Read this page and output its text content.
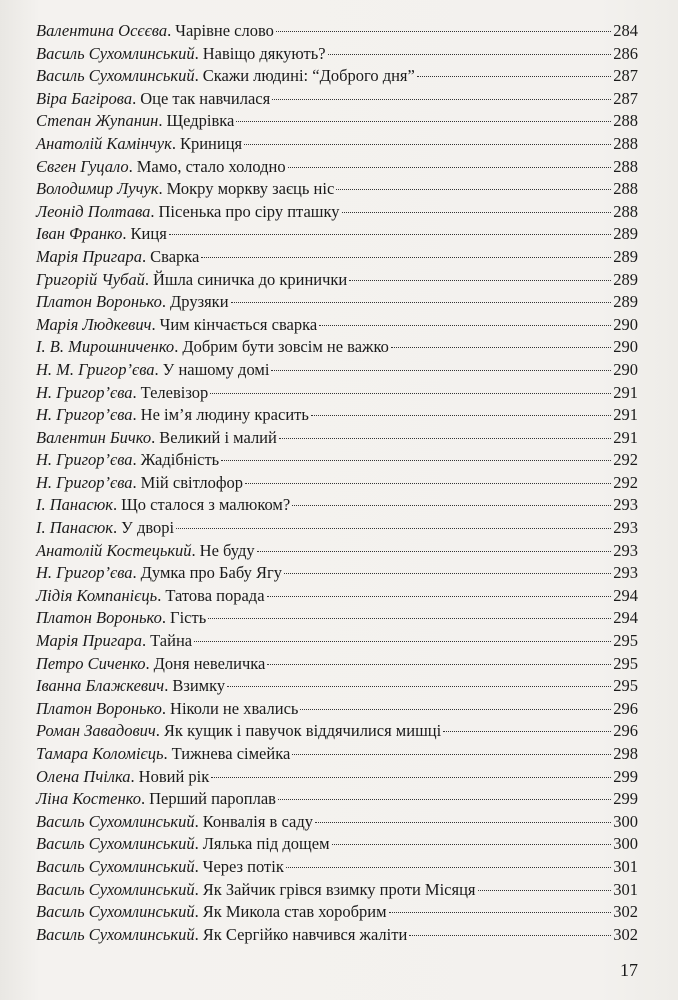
Валентина Осєєва . Чарівне слово	284
Василь Сухомлинський . Навіщо дякують?	286
Василь Сухомлинський . Скажи людині: “Доброго дня”	287
Віра Багірова . Оце так навчилася	287
Степан Жупанин . Щедрівка	288
Анатолій Камінчук . Криниця	288
Євген Гуцало . Мамо, стало холодно	288
Володимир Лучук . Мокру моркву заєць ніс	288
Леонід Полтава . Пісенька про сіру пташку	288
Іван Франко . Киця	289
Марія Пригара . Сварка	289
Григорій Чубай . Йшла синичка до кринички	289
Платон Воронько . Друзяки	289
Марія Людкевич . Чим кінчається сварка	290
І. В. Мирошниченко . Добрим бути зовсім не важко	290
Н. М. Григор’єва . У нашому домі	290
Н. Григор’єва . Телевізор	291
Н. Григор’єва . Не ім’я людину красить	291
Валентин Бичко . Великий і малий	291
Н. Григор’єва . Жадібність	292
Н. Григор’єва . Мій світлофор	292
І. Панасюк . Що сталося з малюком?	293
І. Панасюк . У дворі	293
Анатолій Костецький . Не буду	293
Н. Григор’єва . Думка про Бабу Ягу	293
Лідія Компанієць . Татова порада	294
Платон Воронько . Гість	294
Марія Пригара . Тайна	295
Петро Сиченко . Доня невеличка	295
Іванна Блажкевич . Взимку	295
Платон Воронько . Ніколи не хвались	296
Роман Завадович . Як кущик і павучок віддячилися мишці	296
Тамара Коломієць . Тижнева сімейка	298
Олена Пчілка . Новий рік	299
Ліна Костенко . Перший пароплав	299
Василь Сухомлинський . Конвалія в саду	300
Василь Сухомлинський . Лялька під дощем	300
Василь Сухомлинський . Через потік	301
Василь Сухомлинський . Як Зайчик грівся взимку проти Місяця	301
Василь Сухомлинський . Як Микола став хоробрим	302
Василь Сухомлинський . Як Сергійко навчився жаліти	302
17
